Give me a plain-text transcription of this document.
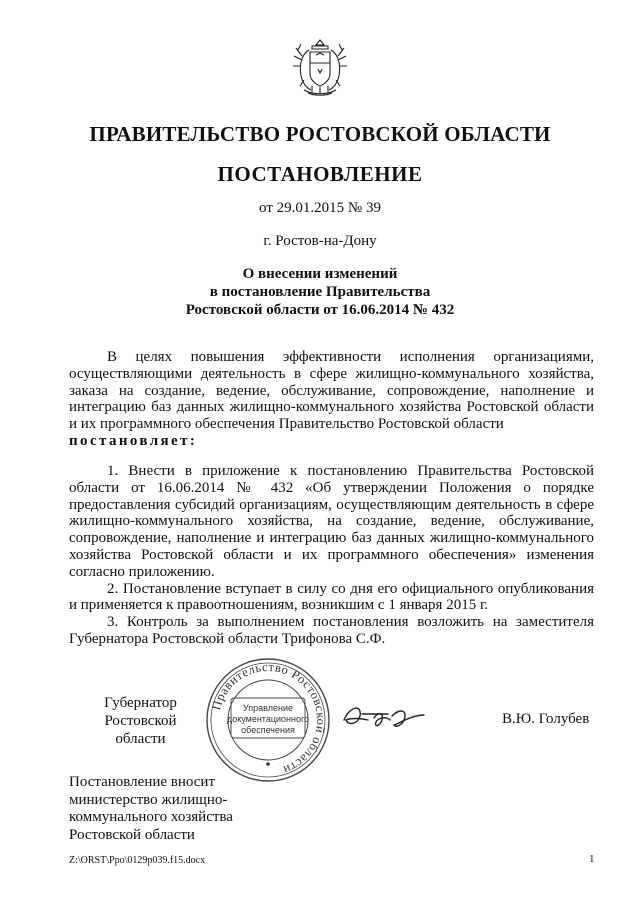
ПРАВИТЕЛЬСТВО РОСТОВСКОЙ ОБЛАСТИ
ПОСТАНОВЛЕНИЕ
от 29.01.2015 № 39
г. Ростов-на-Дону
О внесении изменений
в постановление Правительства
Ростовской области от 16.06.2014 № 432

В целях повышения эффективности исполнения организациями, осуществляющими деятельность в сфере жилищно-коммунального хозяйства, заказа на создание, ведение, обслуживание, сопровождение, наполнение и интеграцию баз данных жилищно-коммунального хозяйства Ростовской области и их программного обеспечения Правительство Ростовской области

постановляет:

1. Внести в приложение к постановлению Правительства Ростовской области от 16.06.2014 № 432 «Об утверждении Положения о порядке предоставления субсидий организациям, осуществляющим деятельность в сфере жилищно-коммунального хозяйства, на создание, ведение, обслуживание, сопровождение, наполнение и интеграцию баз данных жилищно-коммунального хозяйства Ростовской области и их программного обеспечения» изменения согласно приложению.

2. Постановление вступает в силу со дня его официального опубликования и применяется к правоотношениям, возникшим с 1 января 2015 г.

3. Контроль за выполнением постановления возложить на заместителя Губернатора Ростовской области Трифонова С.Ф.

Губернатор
Ростовской области
Правительство Ростовской области
Управление
документационного
обеспечения
В.Ю. Голубев
Постановление вносит
министерство жилищно-
коммунального хозяйства
Ростовской области
Z:\ORST\Ppo\0129p039.f15.docx	1
